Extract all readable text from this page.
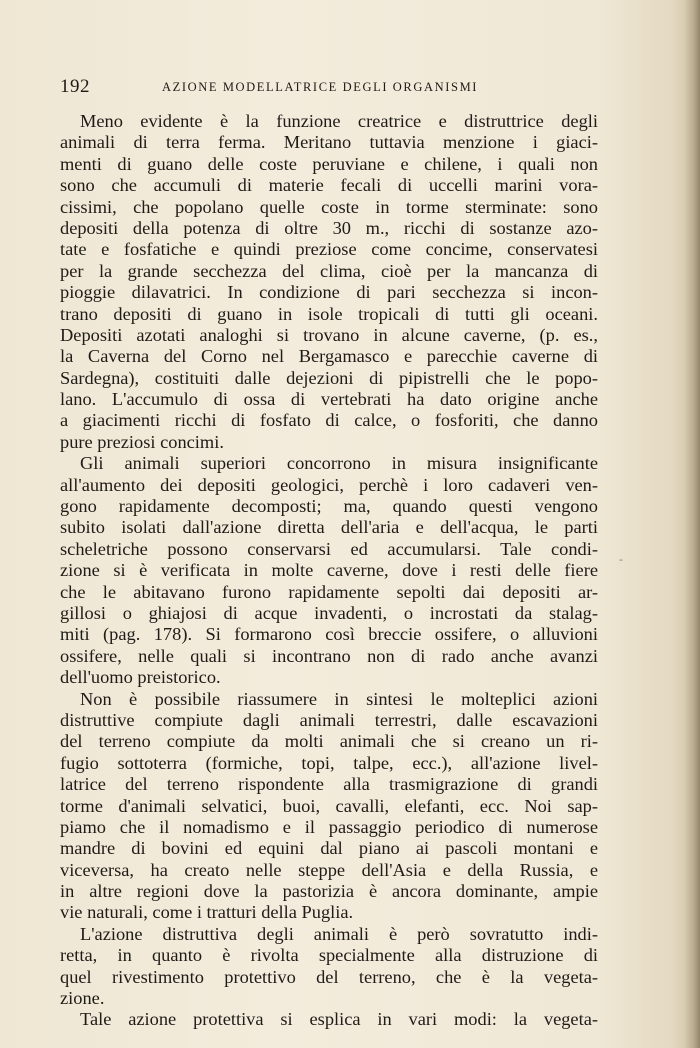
192	AZIONE MODELLATRICE DEGLI ORGANISMI
Meno evidente è la funzione creatrice e distruttrice degli
animali di terra ferma. Meritano tuttavia menzione i giaci-
menti di guano delle coste peruviane e chilene, i quali non
sono che accumuli di materie fecali di uccelli marini vora-
cissimi, che popolano quelle coste in torme sterminate: sono
depositi della potenza di oltre 30 m., ricchi di sostanze azo-
tate e fosfatiche e quindi preziose come concime, conservatesi
per la grande secchezza del clima, cioè per la mancanza di
pioggie dilavatrici. In condizione di pari secchezza si incon-
trano depositi di guano in isole tropicali di tutti gli oceani.
Depositi azotati analoghi si trovano in alcune caverne, (p. es.,
la Caverna del Corno nel Bergamasco e parecchie caverne di
Sardegna), costituiti dalle dejezioni di pipistrelli che le popo-
lano. L'accumulo di ossa di vertebrati ha dato origine anche
a giacimenti ricchi di fosfato di calce, o fosforiti, che danno
pure preziosi concimi.
Gli animali superiori concorrono in misura insignificante
all'aumento dei depositi geologici, perchè i loro cadaveri ven-
gono rapidamente decomposti; ma, quando questi vengono
subito isolati dall'azione diretta dell'aria e dell'acqua, le parti
scheletriche possono conservarsi ed accumularsi. Tale condi-
zione si è verificata in molte caverne, dove i resti delle fiere
che le abitavano furono rapidamente sepolti dai depositi ar-
gillosi o ghiajosi di acque invadenti, o incrostati da stalag-
miti (pag. 178). Si formarono così breccie ossifere, o alluvioni
ossifere, nelle quali si incontrano non di rado anche avanzi
dell'uomo preistorico.
Non è possibile riassumere in sintesi le molteplici azioni
distruttive compiute dagli animali terrestri, dalle escavazioni
del terreno compiute da molti animali che si creano un ri-
fugio sottoterra (formiche, topi, talpe, ecc.), all'azione livel-
latrice del terreno rispondente alla trasmigrazione di grandi
torme d'animali selvatici, buoi, cavalli, elefanti, ecc. Noi sap-
piamo che il nomadismo e il passaggio periodico di numerose
mandre di bovini ed equini dal piano ai pascoli montani e
viceversa, ha creato nelle steppe dell'Asia e della Russia, e
in altre regioni dove la pastorizia è ancora dominante, ampie
vie naturali, come i tratturi della Puglia.
L'azione distruttiva degli animali è però sovratutto indi-
retta, in quanto è rivolta specialmente alla distruzione di
quel rivestimento protettivo del terreno, che è la vegeta-
zione.
Tale azione protettiva si esplica in vari modi: la vegeta-
-
